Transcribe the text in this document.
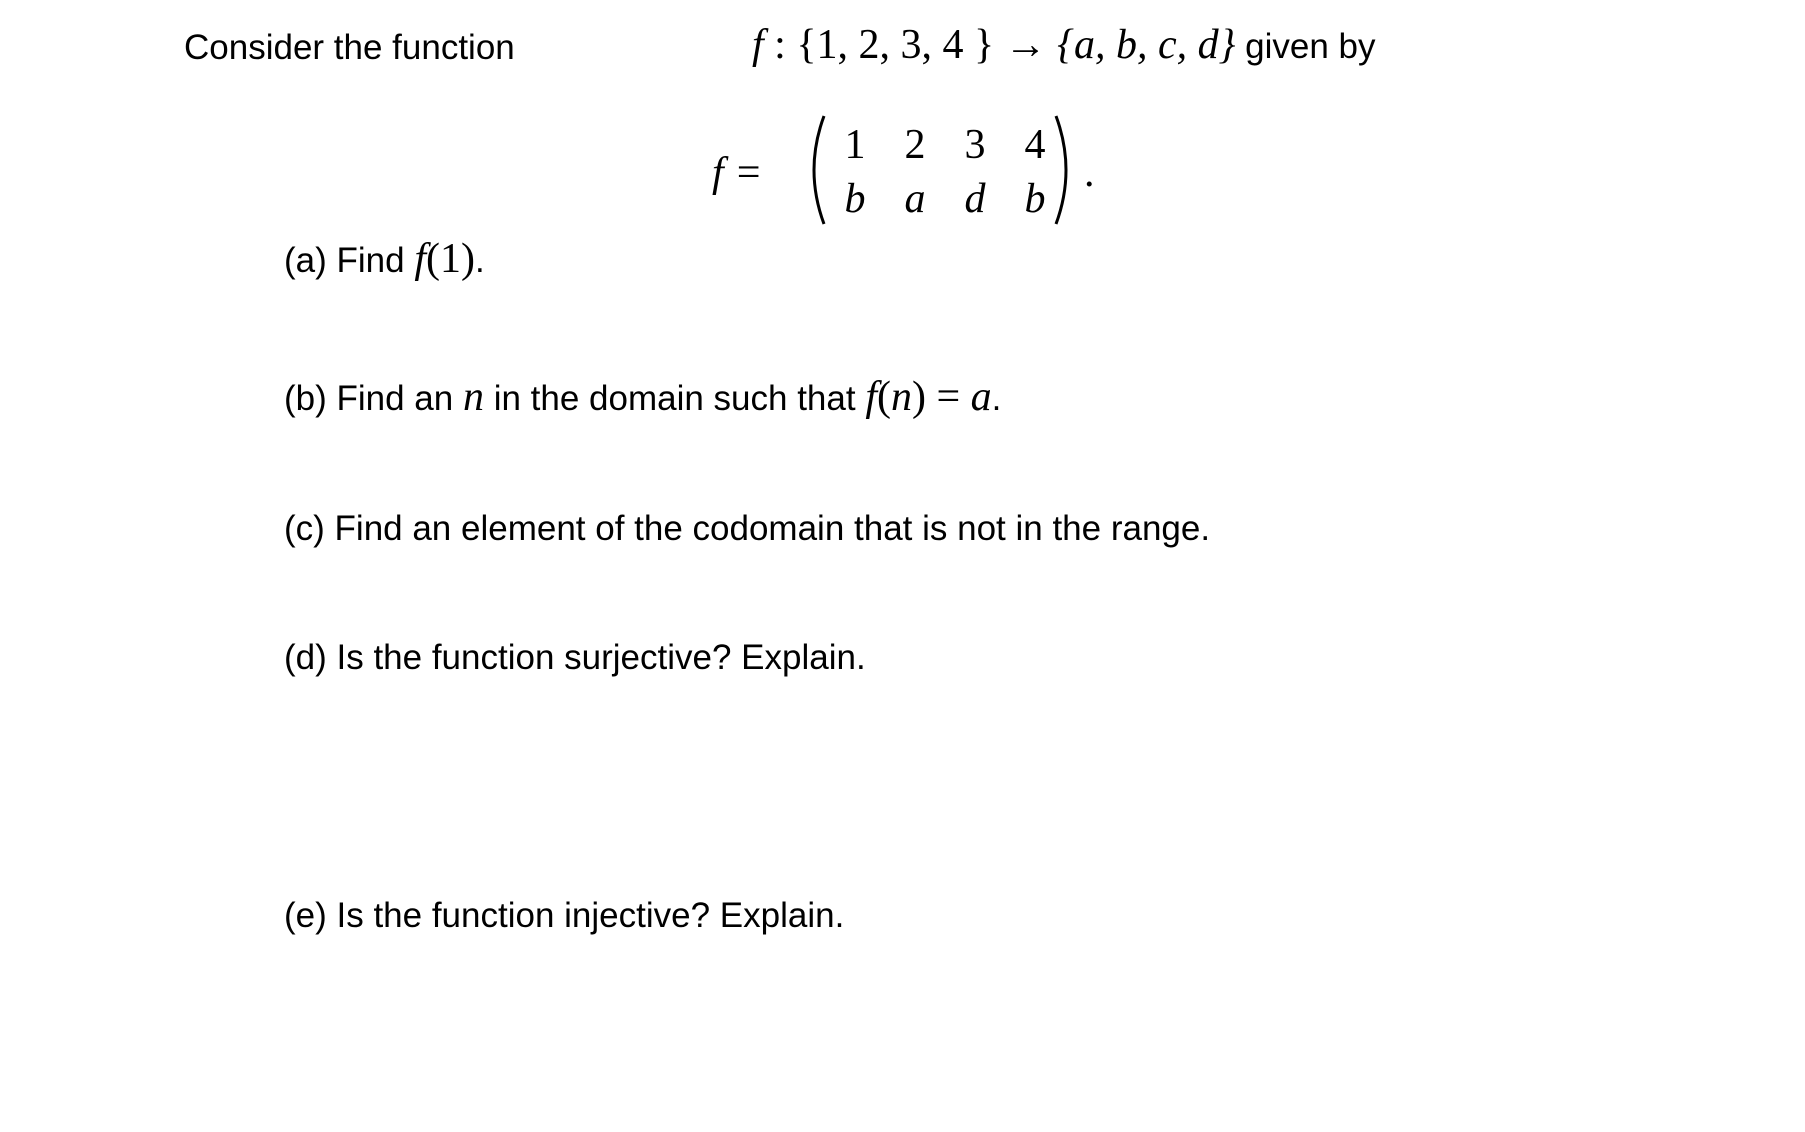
Consider the function	f : {1, 2, 3, 4 } → {a, b, c, d} given by
f =
1 2 3 4
b a d b
.
(a) Find f(1).
(b) Find an n in the domain such that f(n) = a.
(c) Find an element of the codomain that is not in the range.
(d) Is the function surjective? Explain.
(e) Is the function injective? Explain.
